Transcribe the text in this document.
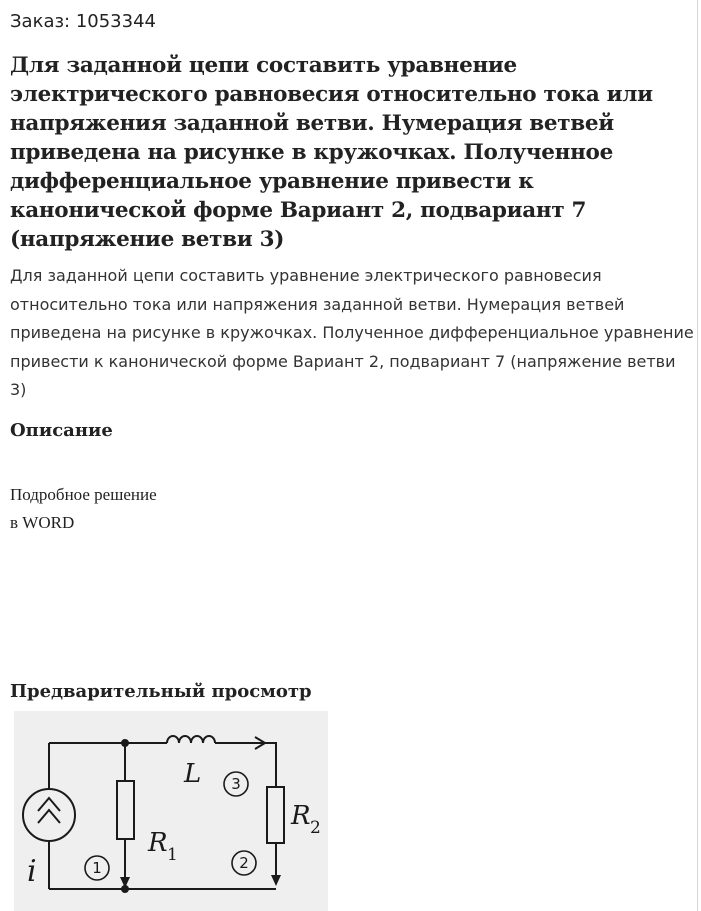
Заказ: 1053344
Для заданной цепи составить уравнение электрического равновесия относительно тока или напряжения заданной ветви. Нумерация ветвей приведена на рисунке в кружочках. Полученное дифференциальное уравнение привести к канонической форме Вариант 2, подвариант 7 (напряжение ветви 3)
Для заданной цепи составить уравнение электрического равновесия относительно тока или напряжения заданной ветви. Нумерация ветвей приведена на рисунке в кружочках. Полученное дифференциальное уравнение привести к канонической форме Вариант 2, подвариант 7 (напряжение ветви 3)
Описание
Подробное решение
в WORD
Предварительный просмотр
L
R 1
R 2
i	1	2
3
